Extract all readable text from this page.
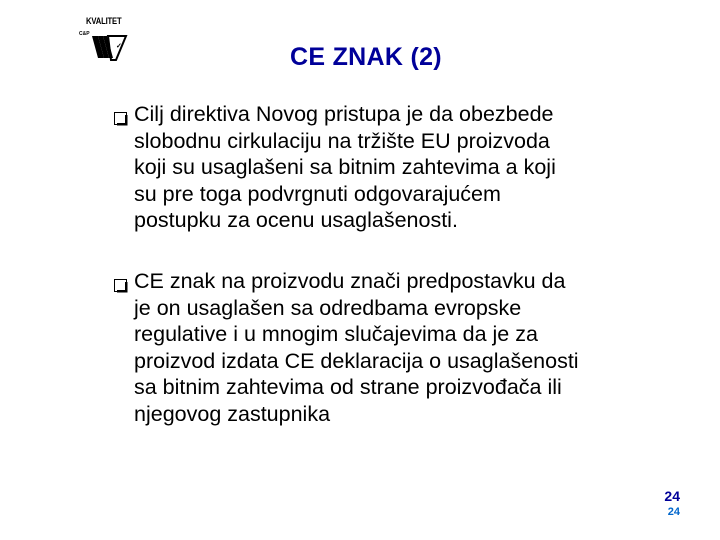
✓
KVALITET
C&P
CE ZNAK (2)
Cilj direktiva Novog pristupa je da obezbede
slobodnu cirkulaciju na tržište EU proizvoda
koji su usaglašeni sa bitnim zahtevima a koji
su pre toga podvrgnuti odgovarajućem
postupku za ocenu usaglašenosti.
CE znak na proizvodu znači predpostavku da
je on usaglašen sa odredbama evropske
regulative i u mnogim slučajevima da je za
proizvod izdata CE deklaracija o usaglašenosti
sa bitnim zahtevima od strane proizvođača ili
njegovog zastupnika
24
24
